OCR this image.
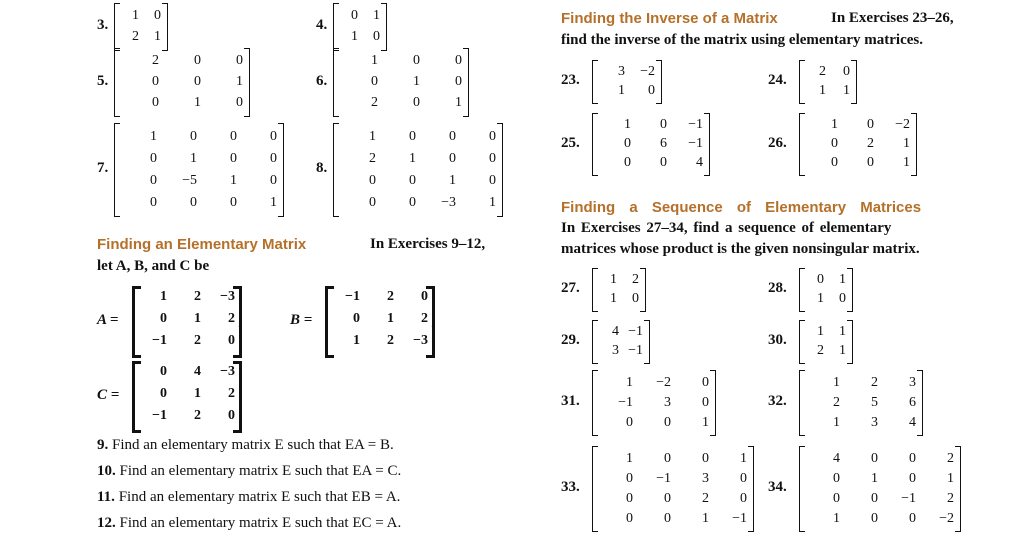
3.
1	0
2	1
4.
0	1
1	0
5.
2	0	0
0	0	1
0	1	0
6.
1	0	0
0	1	0
2	0	1
7.
1	0	0	0
0	1	0	0
0	−5	1	0
0	0	0	1
8.
1	0	0	0
2	1	0	0
0	0	1	0
0	0	−3	1
Finding an Elementary Matrix	In Exercises 9–12,
let A, B, and C be
A =
1	2	−3
0	1	2
−1	2	0
,	B =
−1	2	0
0	1	2
1	2	−3
,
C =
0	4	−3
0	1	2
−1	2	0
.
9. Find an elementary matrix E such that EA = B.
10. Find an elementary matrix E such that EA = C.
11. Find an elementary matrix E such that EB = A.
12. Find an elementary matrix E such that EC = A.
Finding the Inverse of a Matrix	In Exercises 23–26,
find the inverse of the matrix using elementary matrices.
23.
3	−2
1	0
24.
2	0
1	1
25.
1	0	−1
0	6	−1
0	0	4
26.
1	0	−2
0	2	1
0	0	1
Finding a Sequence of Elementary Matrices
In Exercises 27–34, find a sequence of elementary
matrices whose product is the given nonsingular matrix.
27.
1	2
1	0
28.
0	1
1	0
29.
4 −1
3 −1
30.
1	1
2	1
31.
1	−2	0
−1	3	0
0	0	1
32.
1	2	3
2	5	6
1	3	4
33.
1	0	0	1
0	−1	3	0
0	0	2	0
0	0	1	−1
34.
4	0	0	2
0	1	0	1
0	0	−1	2
1	0	0	−2
